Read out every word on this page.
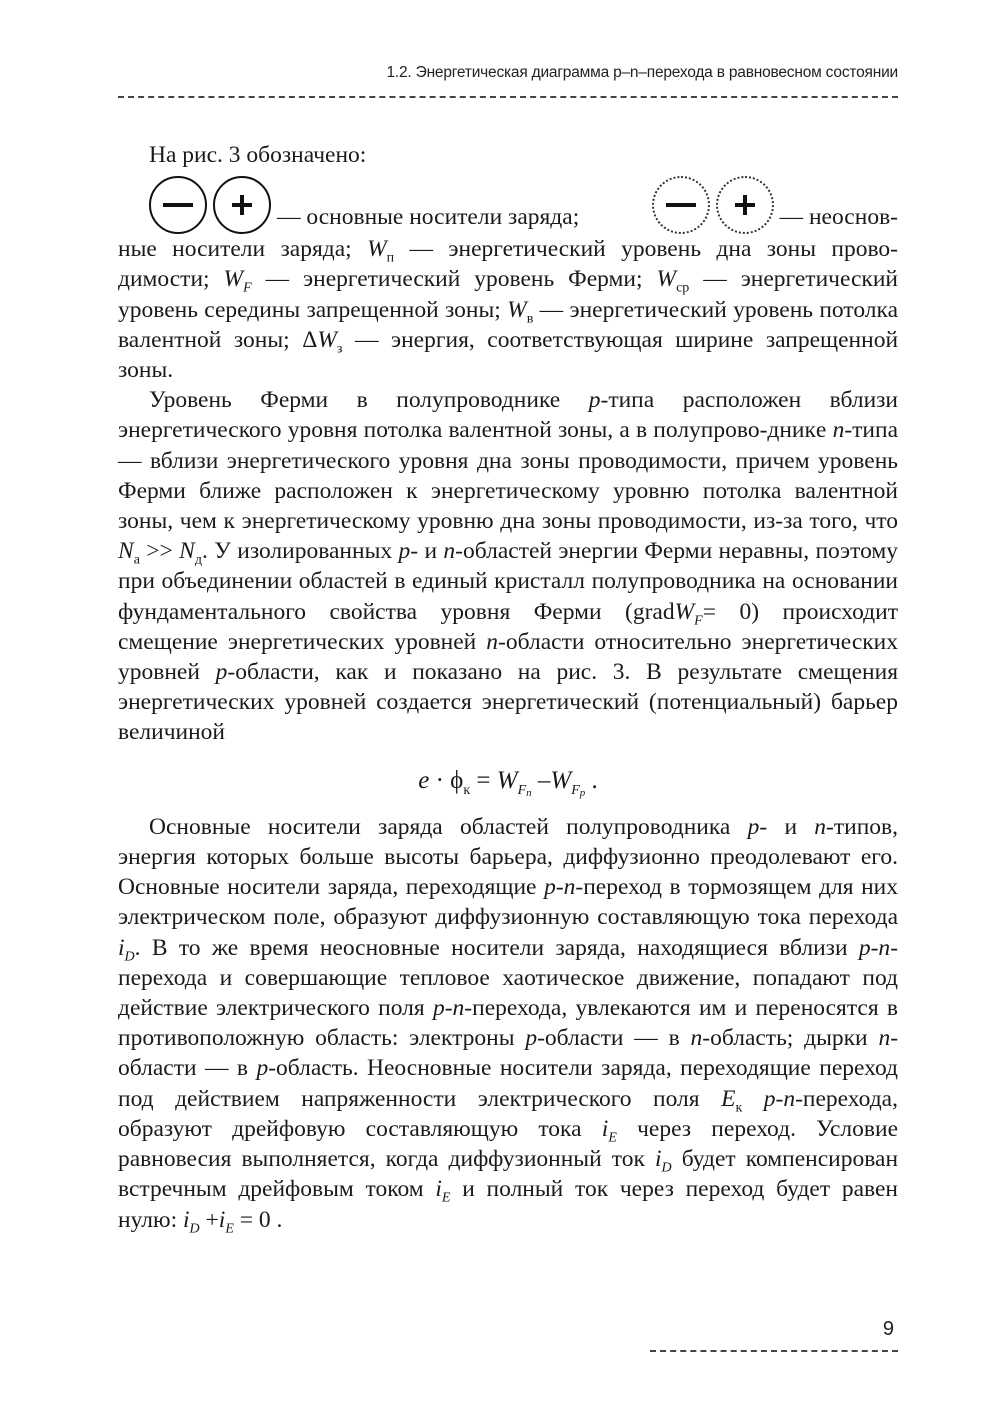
1.2. Энергетическая диаграмма p–n–перехода в равновесном состоянии

На рис. 3 обозначено:

— основные носители заряда;	— неоснов-

ные носители заряда; $W_п$ — энергетический уровень дна зоны прово- димости; $W_F$ — энергетический уровень Ферми; $W_{ср}$ — энергетический уровень середины запрещенной зоны; $W_в$ — энергетический уровень потолка валентной зоны; $\Delta W_з$ — энергия, соответствующая ширине запрещенной зоны.

Уровень Ферми в полупроводнике p-типа расположен вблизи энергетического уровня потолка валентной зоны, а в полупрово-дникe n-типа — вблизи энергетического уровня дна зоны проводимости, причем уровень Ферми ближе расположен к энергетическому уровню потолка валентной зоны, чем к энергетическому уровню дна зоны проводимости, из-за того, что $N_а >> N_д$. У изолированных p- и n-областей энергии Ферми неравны, поэтому при объединении областей в единый кристалл полупроводника на основании фундаментального свойства уровня Ферми (gradW$_F$= 0) происходит смещение энергетических уровней n-области относительно энергетических уровней p-области, как и показано на рис. 3. В результате смещения энергетических уровней создается энергетический (потенциальный) барьер величиной

$e \cdot \phi_к = W_{F_n}$ $-W_{F_p}$ .

Основные носители заряда областей полупроводника p- и n-типов, энергия которых больше высоты барьера, диффузионно преодолевают его. Основные носители заряда, переходящие p-n-переход в тормозящем для них электрическом поле, образуют диффузионную составляющую тока перехода $i_D$. В то же время неосновные носители заряда, находящиеся вблизи p-n-перехода и совершающие тепловое хаотическое движение, попадают под действие электрического поля p-n-перехода, увлекаются им и переносятся в противоположную область: электроны p-области — в n-область; дырки n-области — в p-область. Неосновные носители заряда, переходящие переход под действием напряженности электрического поля $E_к$ p-n-перехода, образуют дрейфовую составляющую тока $i_E$ через переход. Условие равновесия выполняется, когда диффузионный ток $i_D$ будет компенсирован встречным дрейфовым током $i_E$ и полный ток через переход будет равен нулю: $i_D +i_E = 0$ .

9
